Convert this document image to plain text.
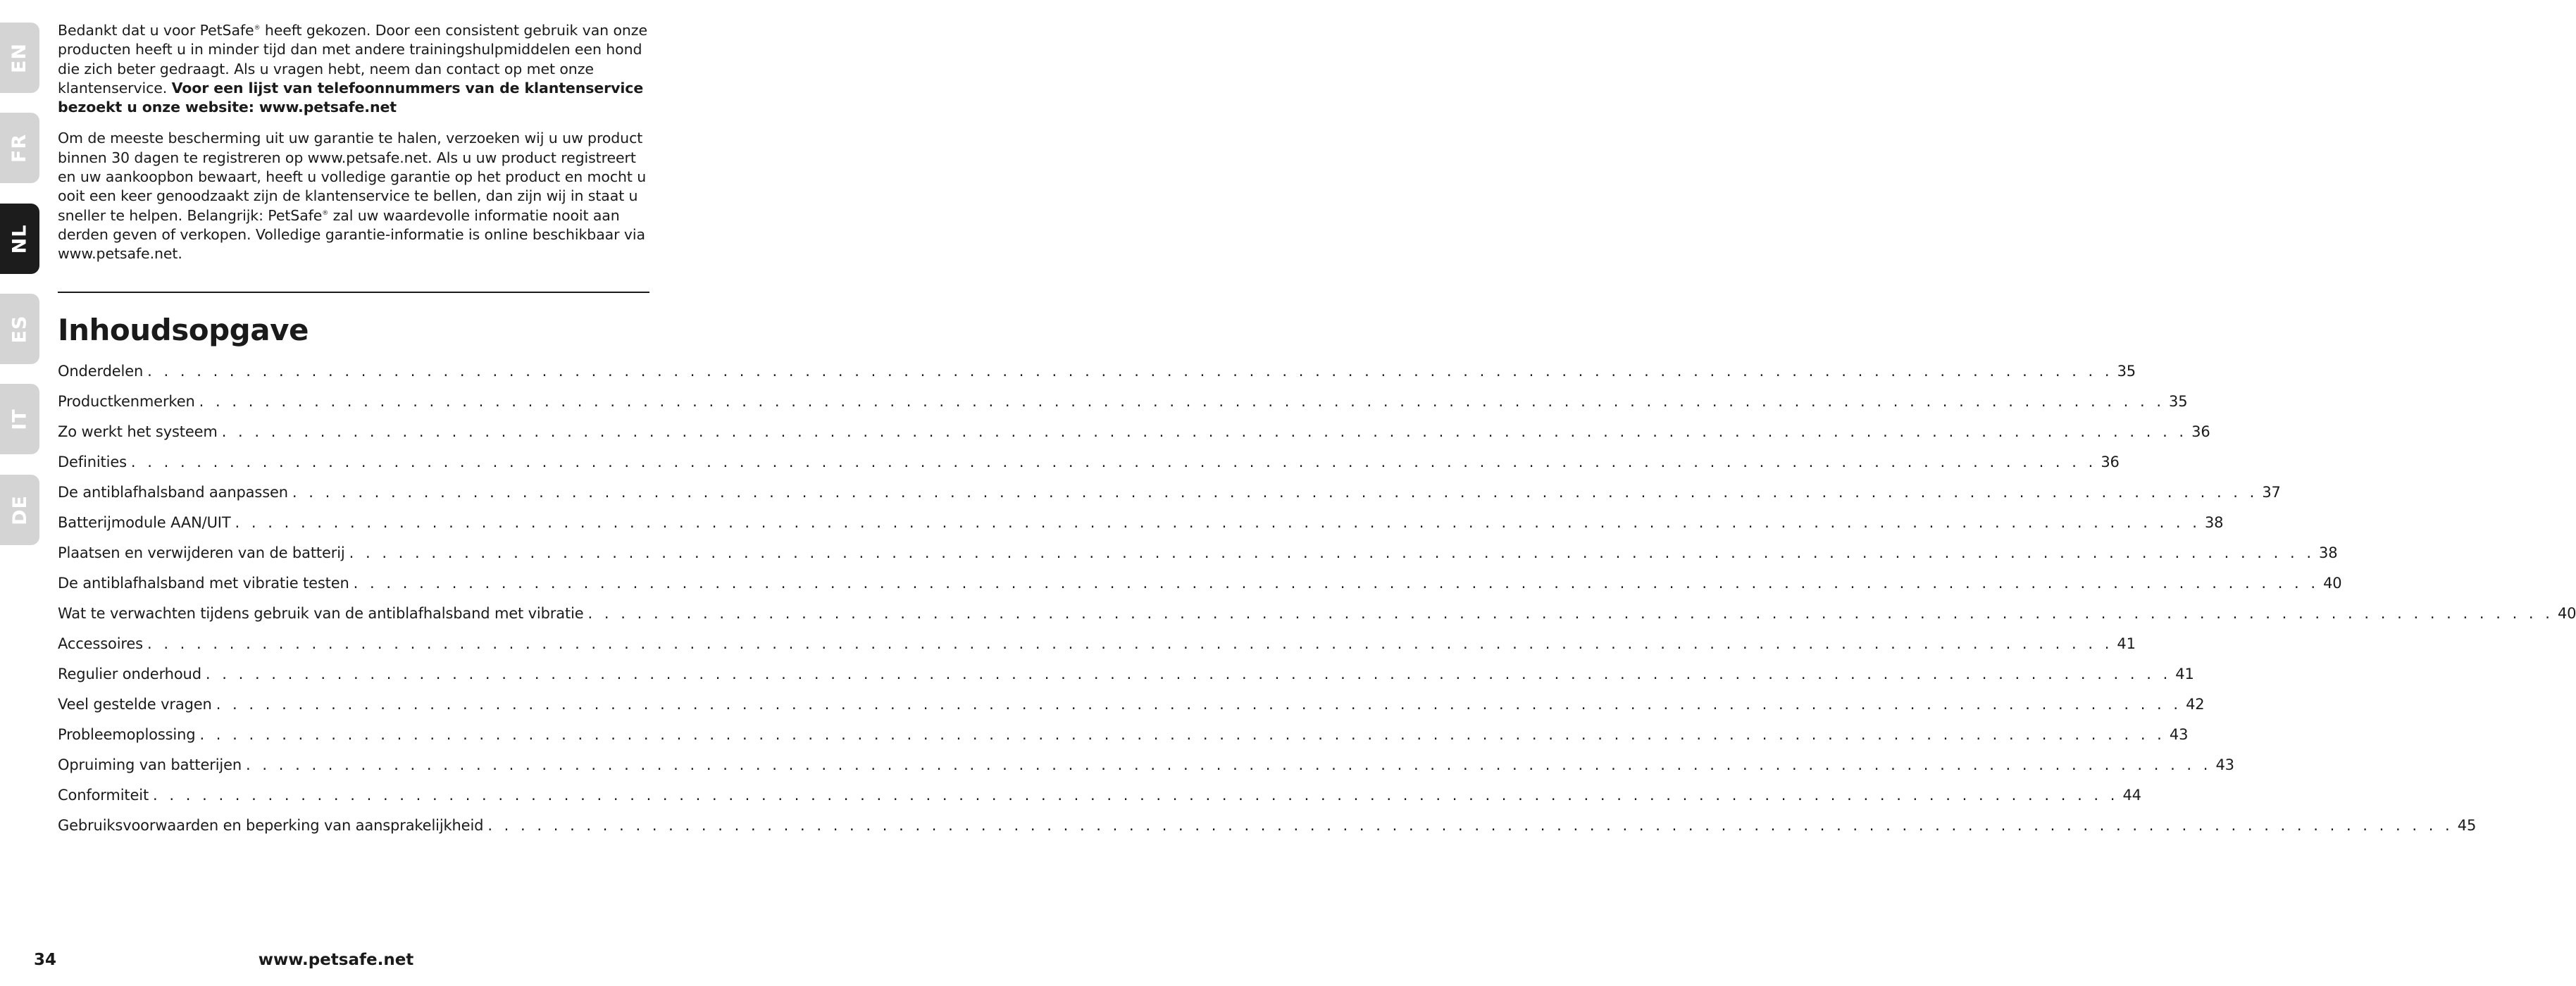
EN
FR
NL
ES
IT
DE

Bedankt dat u voor PetSafe® heeft gekozen. Door een consistent gebruik van onze producten heeft u in minder tijd dan met andere trainingshulpmiddelen een hond die zich beter gedraagt. Als u vragen hebt, neem dan contact op met onze klantenservice. Voor een lijst van telefoonnummers van de klantenservice bezoekt u onze website: www.petsafe.net

Om de meeste bescherming uit uw garantie te halen, verzoeken wij u uw product binnen 30 dagen te registreren op www.petsafe.net. Als u uw product registreert en uw aankoopbon bewaart, heeft u volledige garantie op het product en mocht u ooit een keer genoodzaakt zijn de klantenservice te bellen, dan zijn wij in staat u sneller te helpen. Belangrijk: PetSafe® zal uw waardevolle informatie nooit aan derden geven of verkopen. Volledige garantie-informatie is online beschikbaar via www.petsafe.net.

Inhoudsopgave
Onderdelen . . . . . . . . . . . . . . . . . . . . . . . . . . . . . . . . . . . . . . . . . . . . . . . . . . . . . . . . . . . . . . . . . . . . . . . . . . . . . . . . . . . . . . . . . . . . . . . . . . . . . . . . . . . . . . . . . . . . . . . . 35
Productkenmerken . . . . . . . . . . . . . . . . . . . . . . . . . . . . . . . . . . . . . . . . . . . . . . . . . . . . . . . . . . . . . . . . . . . . . . . . . . . . . . . . . . . . . . . . . . . . . . . . . . . . . . . . . . . . . . . . . . . . . . . . 35
Zo werkt het systeem . . . . . . . . . . . . . . . . . . . . . . . . . . . . . . . . . . . . . . . . . . . . . . . . . . . . . . . . . . . . . . . . . . . . . . . . . . . . . . . . . . . . . . . . . . . . . . . . . . . . . . . . . . . . . . . . . . . . . . . . 36
Definities . . . . . . . . . . . . . . . . . . . . . . . . . . . . . . . . . . . . . . . . . . . . . . . . . . . . . . . . . . . . . . . . . . . . . . . . . . . . . . . . . . . . . . . . . . . . . . . . . . . . . . . . . . . . . . . . . . . . . . . . 36
De antiblafhalsband aanpassen . . . . . . . . . . . . . . . . . . . . . . . . . . . . . . . . . . . . . . . . . . . . . . . . . . . . . . . . . . . . . . . . . . . . . . . . . . . . . . . . . . . . . . . . . . . . . . . . . . . . . . . . . . . . . . . . . . . . . . . . 37
Batterijmodule AAN/UIT . . . . . . . . . . . . . . . . . . . . . . . . . . . . . . . . . . . . . . . . . . . . . . . . . . . . . . . . . . . . . . . . . . . . . . . . . . . . . . . . . . . . . . . . . . . . . . . . . . . . . . . . . . . . . . . . . . . . . . . . 38
Plaatsen en verwijderen van de batterij . . . . . . . . . . . . . . . . . . . . . . . . . . . . . . . . . . . . . . . . . . . . . . . . . . . . . . . . . . . . . . . . . . . . . . . . . . . . . . . . . . . . . . . . . . . . . . . . . . . . . . . . . . . . . . . . . . . . . . . . 38
De antiblafhalsband met vibratie testen . . . . . . . . . . . . . . . . . . . . . . . . . . . . . . . . . . . . . . . . . . . . . . . . . . . . . . . . . . . . . . . . . . . . . . . . . . . . . . . . . . . . . . . . . . . . . . . . . . . . . . . . . . . . . . . . . . . . . . . . 40
Wat te verwachten tijdens gebruik van de antiblafhalsband met vibratie . . . . . . . . . . . . . . . . . . . . . . . . . . . . . . . . . . . . . . . . . . . . . . . . . . . . . . . . . . . . . . . . . . . . . . . . . . . . . . . . . . . . . . . . . . . . . . . . . . . . . . . . . . . . . . . . . . . . . . . . 40
Accessoires . . . . . . . . . . . . . . . . . . . . . . . . . . . . . . . . . . . . . . . . . . . . . . . . . . . . . . . . . . . . . . . . . . . . . . . . . . . . . . . . . . . . . . . . . . . . . . . . . . . . . . . . . . . . . . . . . . . . . . . . 41
Regulier onderhoud . . . . . . . . . . . . . . . . . . . . . . . . . . . . . . . . . . . . . . . . . . . . . . . . . . . . . . . . . . . . . . . . . . . . . . . . . . . . . . . . . . . . . . . . . . . . . . . . . . . . . . . . . . . . . . . . . . . . . . . . 41
Veel gestelde vragen . . . . . . . . . . . . . . . . . . . . . . . . . . . . . . . . . . . . . . . . . . . . . . . . . . . . . . . . . . . . . . . . . . . . . . . . . . . . . . . . . . . . . . . . . . . . . . . . . . . . . . . . . . . . . . . . . . . . . . . . 42
Probleemoplossing . . . . . . . . . . . . . . . . . . . . . . . . . . . . . . . . . . . . . . . . . . . . . . . . . . . . . . . . . . . . . . . . . . . . . . . . . . . . . . . . . . . . . . . . . . . . . . . . . . . . . . . . . . . . . . . . . . . . . . . . 43
Opruiming van batterijen . . . . . . . . . . . . . . . . . . . . . . . . . . . . . . . . . . . . . . . . . . . . . . . . . . . . . . . . . . . . . . . . . . . . . . . . . . . . . . . . . . . . . . . . . . . . . . . . . . . . . . . . . . . . . . . . . . . . . . . . 43
Conformiteit . . . . . . . . . . . . . . . . . . . . . . . . . . . . . . . . . . . . . . . . . . . . . . . . . . . . . . . . . . . . . . . . . . . . . . . . . . . . . . . . . . . . . . . . . . . . . . . . . . . . . . . . . . . . . . . . . . . . . . . . 44
Gebruiksvoorwaarden en beperking van aansprakelijkheid . . . . . . . . . . . . . . . . . . . . . . . . . . . . . . . . . . . . . . . . . . . . . . . . . . . . . . . . . . . . . . . . . . . . . . . . . . . . . . . . . . . . . . . . . . . . . . . . . . . . . . . . . . . . . . . . . . . . . . . . 45
34	www.petsafe.net
